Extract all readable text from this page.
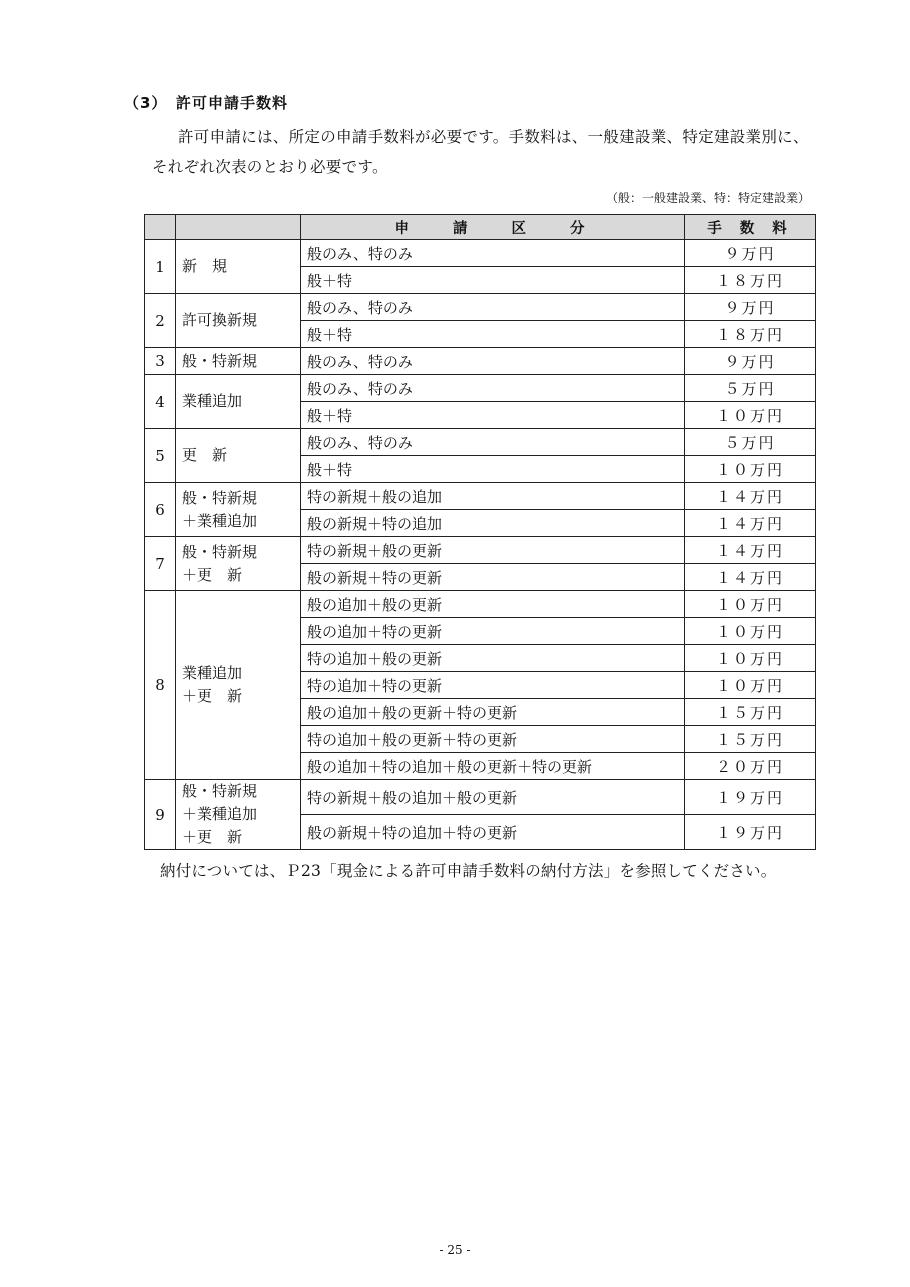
（3）　許可申請手数料
許可申請には、所定の申請手数料が必要です。手数料は、一般建設業、特定建設業別に、それぞれ次表のとおり必要です。
（般：一般建設業、特：特定建設業）
		申請区分	手数料
1	新　規	般のみ、特のみ	９万円
		般＋特	１８万円
2	許可換新規	般のみ、特のみ	９万円
		般＋特	１８万円
3	般・特新規	般のみ、特のみ	９万円
4	業種追加	般のみ、特のみ	５万円
		般＋特	１０万円
5	更　新	般のみ、特のみ	５万円
		般＋特	１０万円
6	般・特新規
＋業種追加	特の新規＋般の追加	１４万円
		般の新規＋特の追加	１４万円
7	般・特新規
＋更　新	特の新規＋般の更新	１４万円
		般の新規＋特の更新	１４万円
8	業種追加
＋更　新	般の追加＋般の更新	１０万円
		般の追加＋特の更新	１０万円
		特の追加＋般の更新	１０万円
		特の追加＋特の更新	１０万円
		般の追加＋般の更新＋特の更新	１５万円
		特の追加＋般の更新＋特の更新	１５万円
		般の追加＋特の追加＋般の更新＋特の更新	２０万円
9	般・特新規
＋業種追加
＋更　新	特の新規＋般の追加＋般の更新	１９万円
		般の新規＋特の追加＋特の更新	１９万円
納付については、Ｐ23「現金による許可申請手数料の納付方法」を参照してください。
- 25 -
